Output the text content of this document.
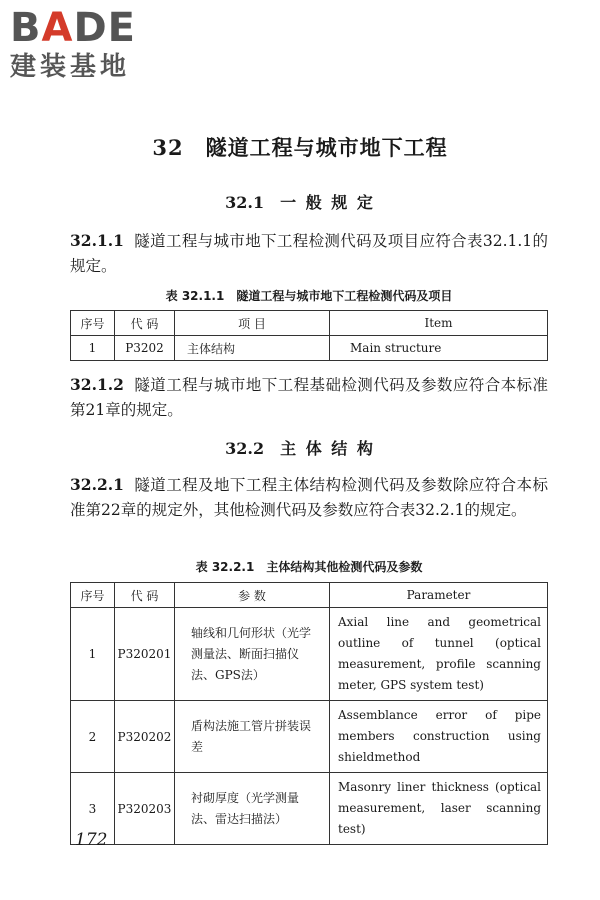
BADE
建装基地
32 隧道工程与城市地下工程
32.1 一 般 规 定
32.1.1 隧道工程与城市地下工程检测代码及项目应符合表32.1.1的规定。
表 32.1.1 隧道工程与城市地下工程检测代码及项目
序号	代 码	项 目	Item
1	P3202	主体结构	Main structure
32.1.2 隧道工程与城市地下工程基础检测代码及参数应符合本标准第21章的规定。
32.2 主 体 结 构
32.2.1 隧道工程及地下工程主体结构检测代码及参数除应符合本标准第22章的规定外，其他检测代码及参数应符合表32.2.1的规定。
表 32.2.1 主体结构其他检测代码及参数
序号	代 码	参 数	Parameter
1	P320201	轴线和几何形状（光学测量法、断面扫描仪法、GPS法）	Axial line and geometrical outline of tunnel (optical measurement, profile scanning meter, GPS system test)
2	P320202	盾构法施工管片拼装误差	Assemblance error of pipe members construction using shieldmethod
3	P320203	衬砌厚度（光学测量法、雷达扫描法）	Masonry liner thickness (optical measurement, laser scanning test)
172
